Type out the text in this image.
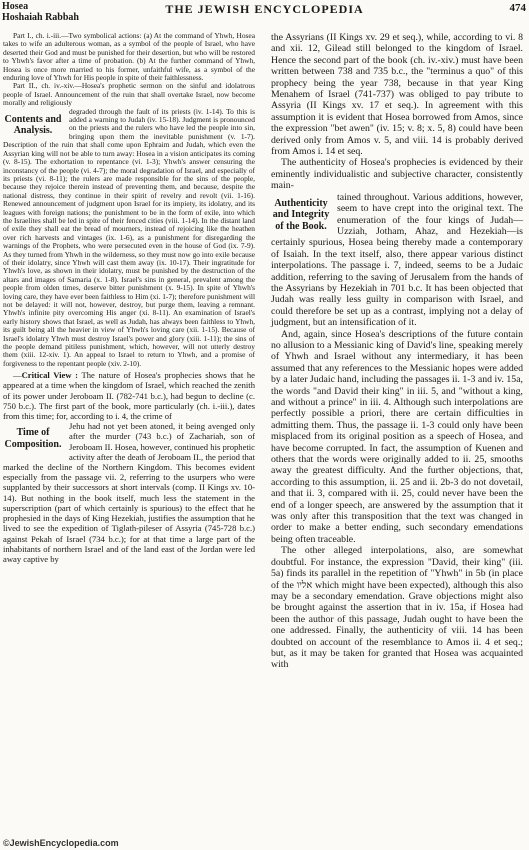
Hosea
Hoshaiah Rabbah
THE JEWISH ENCYCLOPEDIA	474

Part I., ch. i.-iii.—Two symbolical actions: (a) At the command of Yhwh, Hosea takes to wife an adulterous woman, as a symbol of the people of Israel, who have deserted their God and must be punished for their desertion, but who will be restored to Yhwh's favor after a time of probation. (b) At the further command of Yhwh, Hosea is once more married to his former, unfaithful wife, as a symbol of the enduring love of Yhwh for His people in spite of their faithlessness.

Part II., ch. iv.-xiv.—Hosea's prophetic sermon on the sinful and idolatrous people of Israel. Announcement of the ruin that shall overtake Israel, now become morally and religiously

Contents and Analysis.

degraded through the fault of its priests (iv. 1-14). To this is added a warning to Judah (iv. 15-18). Judgment is pronounced on the priests and the rulers who have led the people into sin, bringing upon them the inevitable punishment (v. 1-7). Description of the ruin that shall come upon Ephraim and Judah, which even the Assyrian king will not be able to turn away: Hosea in a vision anticipates its coming (v. 8-15). The exhortation to repentance (vi. 1-3); Yhwh's answer censuring the inconstancy of the people (vi. 4-7); the moral degradation of Israel, and especially of its priests (vi. 8-11); the rulers are made responsible for the sins of the people, because they rejoice therein instead of preventing them, and because, despite the national distress, they continue in their spirit of revelry and revolt (vii. 1-16). Renewed announcement of judgment upon Israel for its impiety, its idolatry, and its leagues with foreign nations; the punishment to be in the form of exile, into which the Israelites shall be led in spite of their fenced cities (viii. 1-14). In the distant land of exile they shall eat the bread of mourners, instead of rejoicing like the heathen over rich harvests and vintages (ix. 1-6), as a punishment for disregarding the warnings of the Prophets, who were persecuted even in the house of God (ix. 7-9). As they turned from Yhwh in the wilderness, so they must now go into exile because of their idolatry, since Yhwh will cast them away (ix. 10-17). Their ingratitude for Yhwh's love, as shown in their idolatry, must be punished by the destruction of the altars and images of Samaria (x. 1-8). Israel's sins in general, prevalent among the people from olden times, deserve bitter punishment (x. 9-15). In spite of Yhwh's loving care, they have ever been faithless to Him (xi. 1-7); therefore punishment will not be delayed: it will not, however, destroy, but purge them, leaving a remnant. Yhwh's infinite pity overcoming His anger (xi. 8-11). An examination of Israel's early history shows that Israel, as well as Judah, has always been faithless to Yhwh, its guilt being all the heavier in view of Yhwh's loving care (xii. 1-15). Because of Israel's idolatry Yhwh must destroy Israel's power and glory (xiii. 1-11); the sins of the people demand pitiless punishment, which, however, will not utterly destroy them (xiii. 12-xiv. 1). An appeal to Israel to return to Yhwh, and a promise of forgiveness to the repentant people (xiv. 2-10).

—Critical View : The nature of Hosea's prophecies shows that he appeared at a time when the kingdom of Israel, which reached the zenith of its power under Jeroboam II. (782-741 b.c.), had begun to decline (c. 750 b.c.). The first part of the book, more particularly (ch. i.-iii.), dates from this time; for, according to i. 4, the crime of

Time of Composition.

Jehu had not yet been atoned, it being avenged only after the murder (743 b.c.) of Zachariah, son of Jeroboam II. Hosea, however, continued his prophetic activity after the death of Jeroboam II., the period that marked the decline of the Northern Kingdom. This becomes evident especially from the passage vii. 2, referring to the usurpers who were supplanted by their successors at short intervals (comp. II Kings xv. 10-14). But nothing in the book itself, much less the statement in the superscription (part of which certainly is spurious) to the effect that he prophesied in the days of King Hezekiah, justifies the assumption that he lived to see the expedition of Tiglath-pileser of Assyria (745-728 b.c.) against Pekah of Israel (734 b.c.); for at that time a large part of the inhabitants of northern Israel and of the land east of the Jordan were led away captive by

the Assyrians (II Kings xv. 29 et seq.), while, according to vi. 8 and xii. 12, Gilead still belonged to the kingdom of Israel. Hence the second part of the book (ch. iv.-xiv.) must have been written between 738 and 735 b.c., the "terminus a quo" of this prophecy being the year 738, because in that year King Menahem of Israel (741-737) was obliged to pay tribute to Assyria (II Kings xv. 17 et seq.). In agreement with this assumption it is evident that Hosea borrowed from Amos, since the expression "bet awen" (iv. 15; v. 8; x. 5, 8) could have been derived only from Amos v. 5, and viii. 14 is probably derived from Amos i. 14 et seq.

The authenticity of Hosea's prophecies is evidenced by their eminently individualistic and subjective character, consistently main-

Authenticity and Integrity of the Book.

tained throughout. Various additions, however, seem to have crept into the original text. The enumeration of the four kings of Judah—Uzziah, Jotham, Ahaz, and Hezekiah—is certainly spurious, Hosea being thereby made a contemporary of Isaiah. In the text itself, also, there appear various distinct interpolations. The passage i. 7, indeed, seems to be a Judaic addition, referring to the saving of Jerusalem from the hands of the Assyrians by Hezekiah in 701 b.c. It has been objected that Judah was really less guilty in comparison with Israel, and could therefore be set up as a contrast, implying not a delay of judgment, but an intensification of it.

And, again, since Hosea's descriptions of the future contain no allusion to a Messianic king of David's line, speaking merely of Yhwh and Israel without any intermediary, it has been assumed that any references to the Messianic hopes were added by a later Judaic hand, including the passages ii. 1-3 and iv. 15a, the words "and David their king" in iii. 5, and "without a king, and without a prince" in iii. 4. Although such interpolations are perfectly possible a priori, there are certain difficulties in admitting them. Thus, the passage ii. 1-3 could only have been misplaced from its original position as a speech of Hosea, and have become corrupted. In fact, the assumption of Kuenen and others that the words were originally added to ii. 25, smooths away the greatest difficulty. And the further objections, that, according to this assumption, ii. 25 and ii. 2b-3 do not dovetail, and that ii. 3, compared with ii. 25, could never have been the end of a longer speech, are answered by the assumption that it was only after this transposition that the text was changed in order to make a better ending, such secondary emendations being often traceable.

The other alleged interpolations, also, are somewhat doubtful. For instance, the expression "David, their king" (iii. 5a) finds its parallel in the repetition of "Yhwh" in 5b (in place of the אליו which might have been expected), although this also may be a secondary emendation. Grave objections might also be brought against the assertion that in iv. 15a, if Hosea had been the author of this passage, Judah ought to have been the one addressed. Finally, the authenticity of viii. 14 has been doubted on account of the resemblance to Amos ii. 4 et seq.; but, as it may be taken for granted that Hosea was acquainted with

©JewishEncyclopedia.com
